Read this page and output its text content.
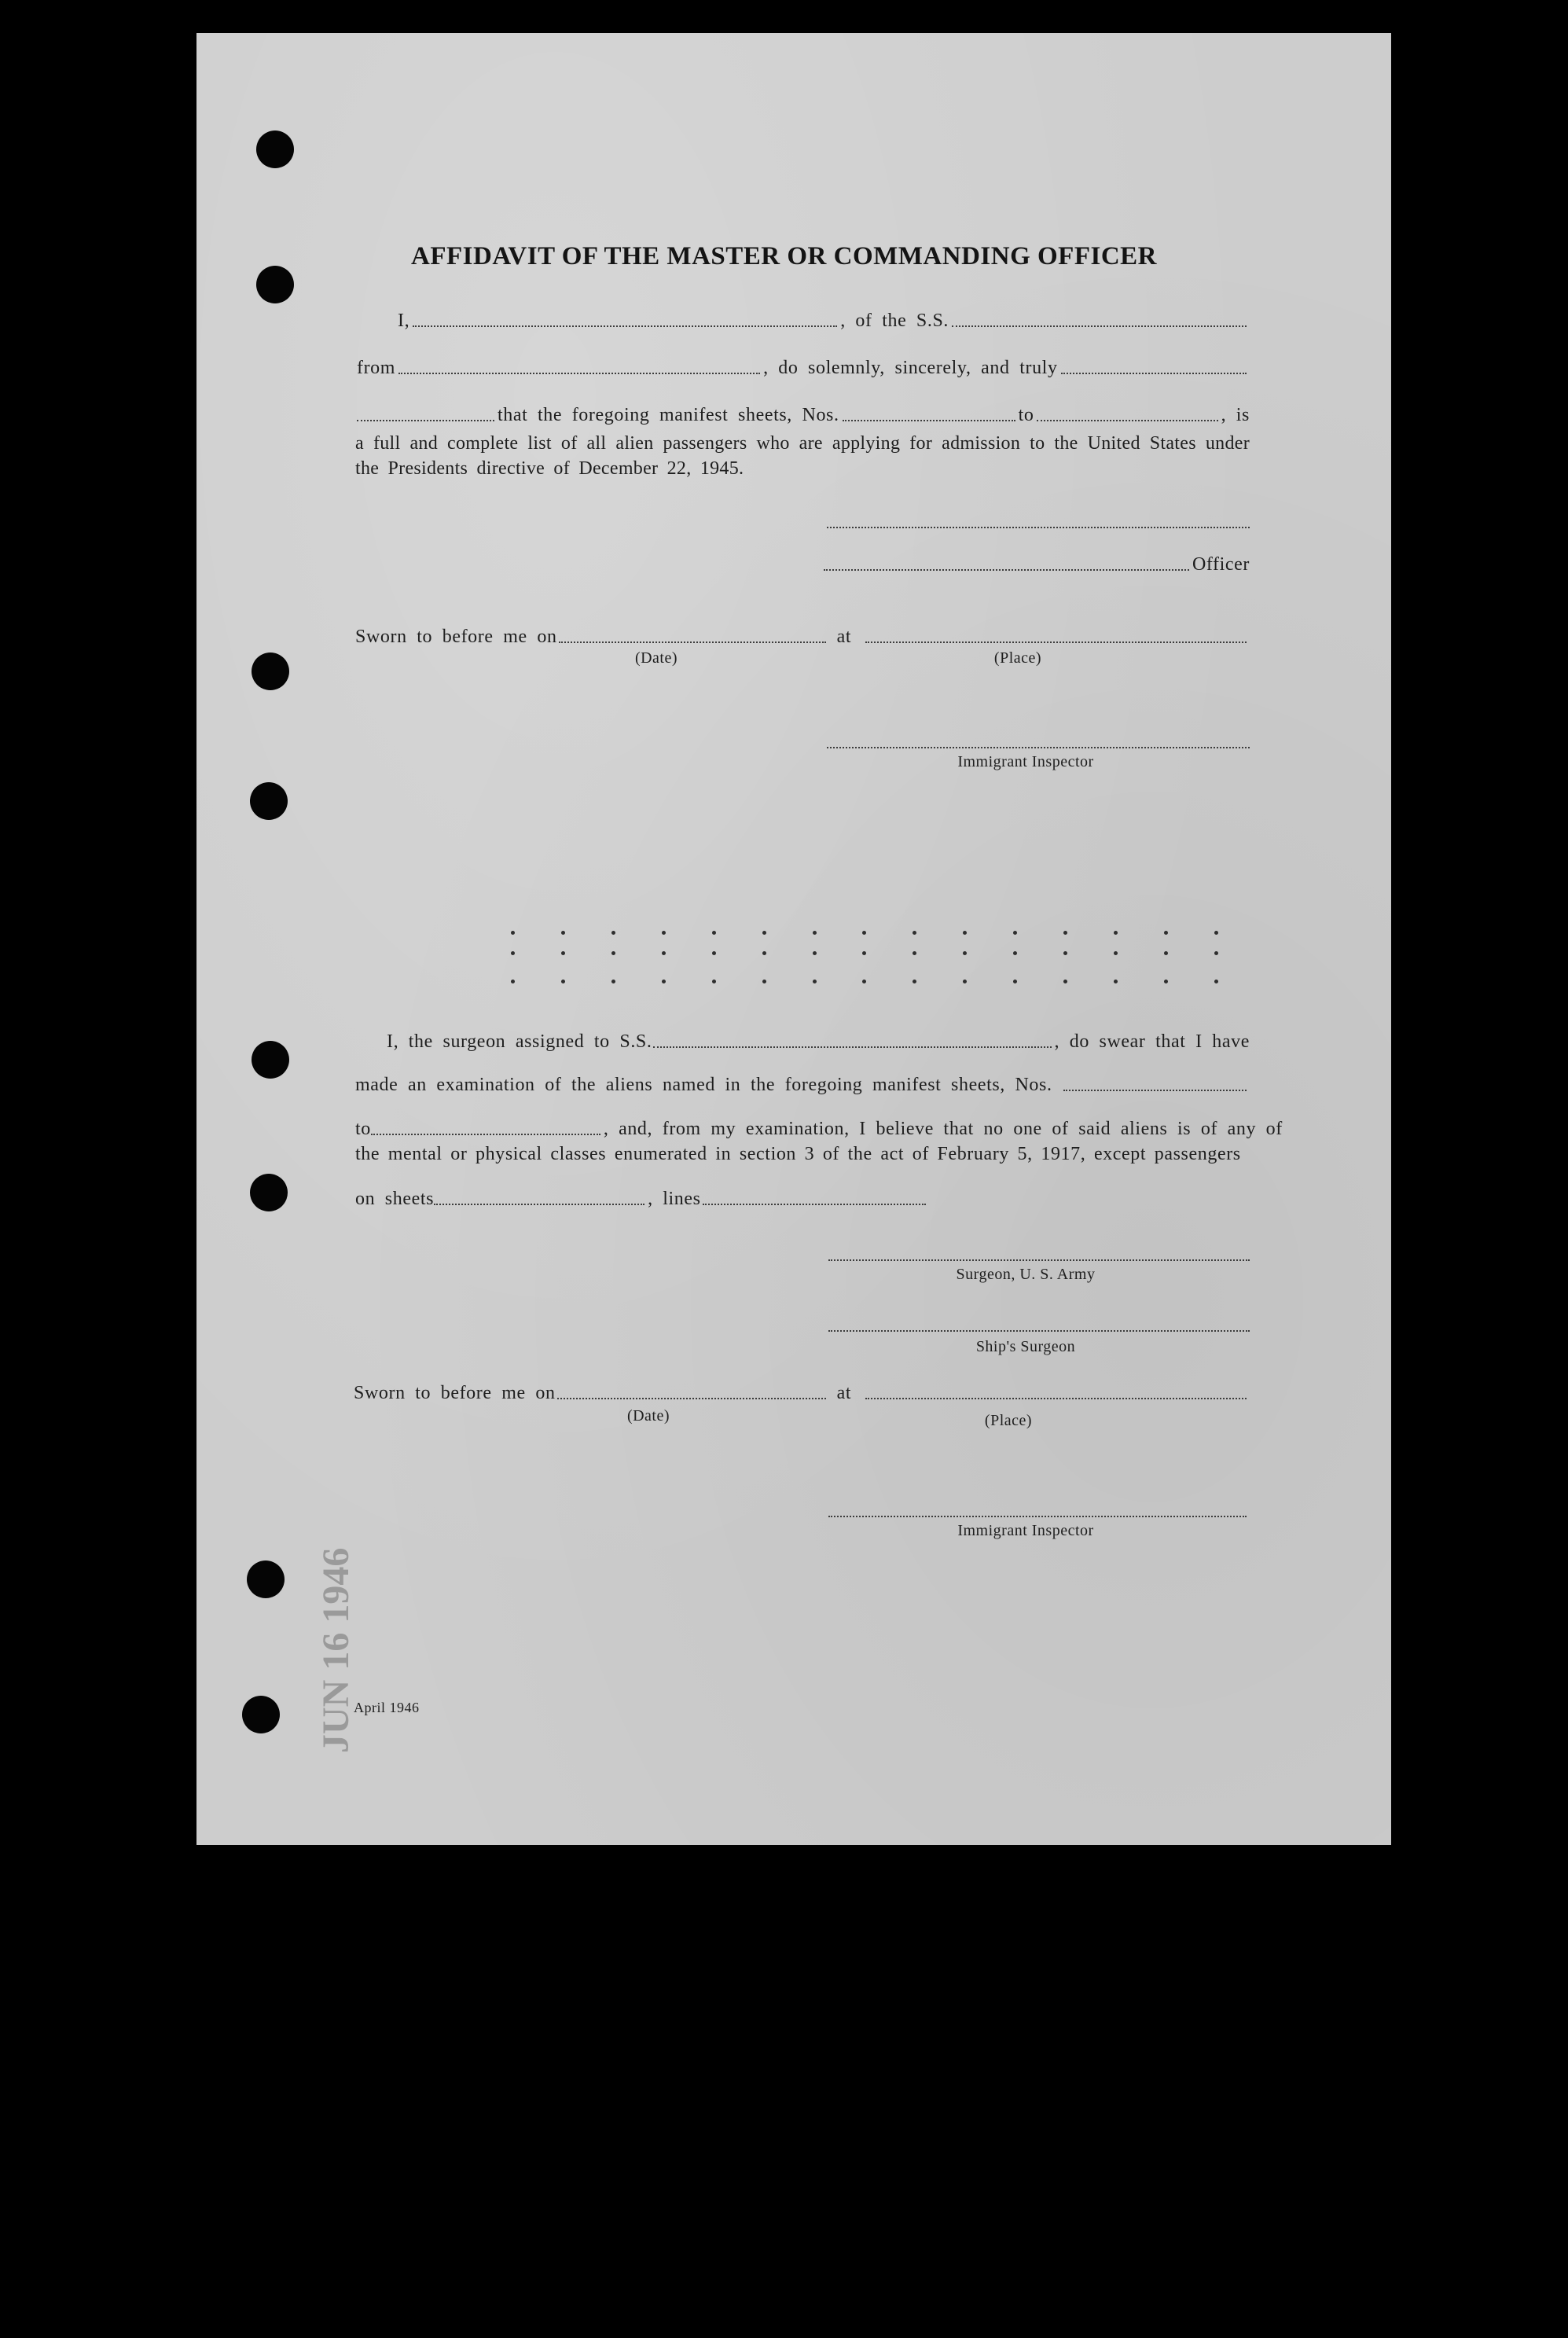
AFFIDAVIT OF THE MASTER OR COMMANDING OFFICER
I,	, of the S.S.
from	, do solemnly, sincerely, and truly
that the foregoing manifest sheets, Nos.	to	, is
a full and complete list of all alien passengers who are applying for admission to the United States under the Presidents directive of December 22, 1945.
Officer
Sworn to before me on	at
(Date)	(Place)
Immigrant Inspector
I, the surgeon assigned to S.S.	, do swear that I have
made an examination of the aliens named in the foregoing manifest sheets, Nos.
to	, and, from my examination, I believe that no one of said aliens is of any of
the mental or physical classes enumerated in section 3 of the act of February 5, 1917, except passengers
on sheets	, lines
Surgeon, U. S. Army
Ship's Surgeon
Sworn to before me on	at
(Date)	(Place)
Immigrant Inspector
JUN 16 1946
April 1946
